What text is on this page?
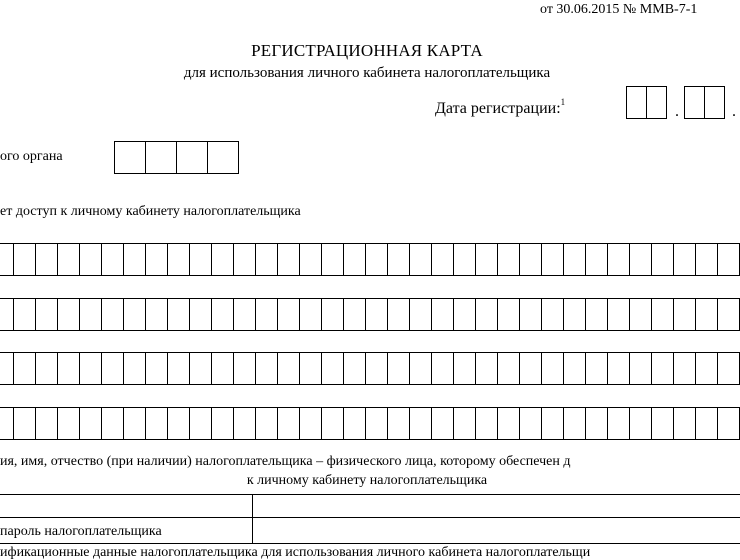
от 30.06.2015 № ММВ-7-1
РЕГИСТРАЦИОННАЯ КАРТА
для использования личного кабинета налогоплательщика
Дата регистрации:$^1$
.	.
ого органа
ет доступ к личному кабинету налогоплательщика
ия, имя, отчество (при наличии) налогоплательщика – физического лица, которому обеспечен д
к личному кабинету налогоплательщика
пароль налогоплательщика
ификационные данные налогоплательщика для использования личного кабинета налогоплательщи
